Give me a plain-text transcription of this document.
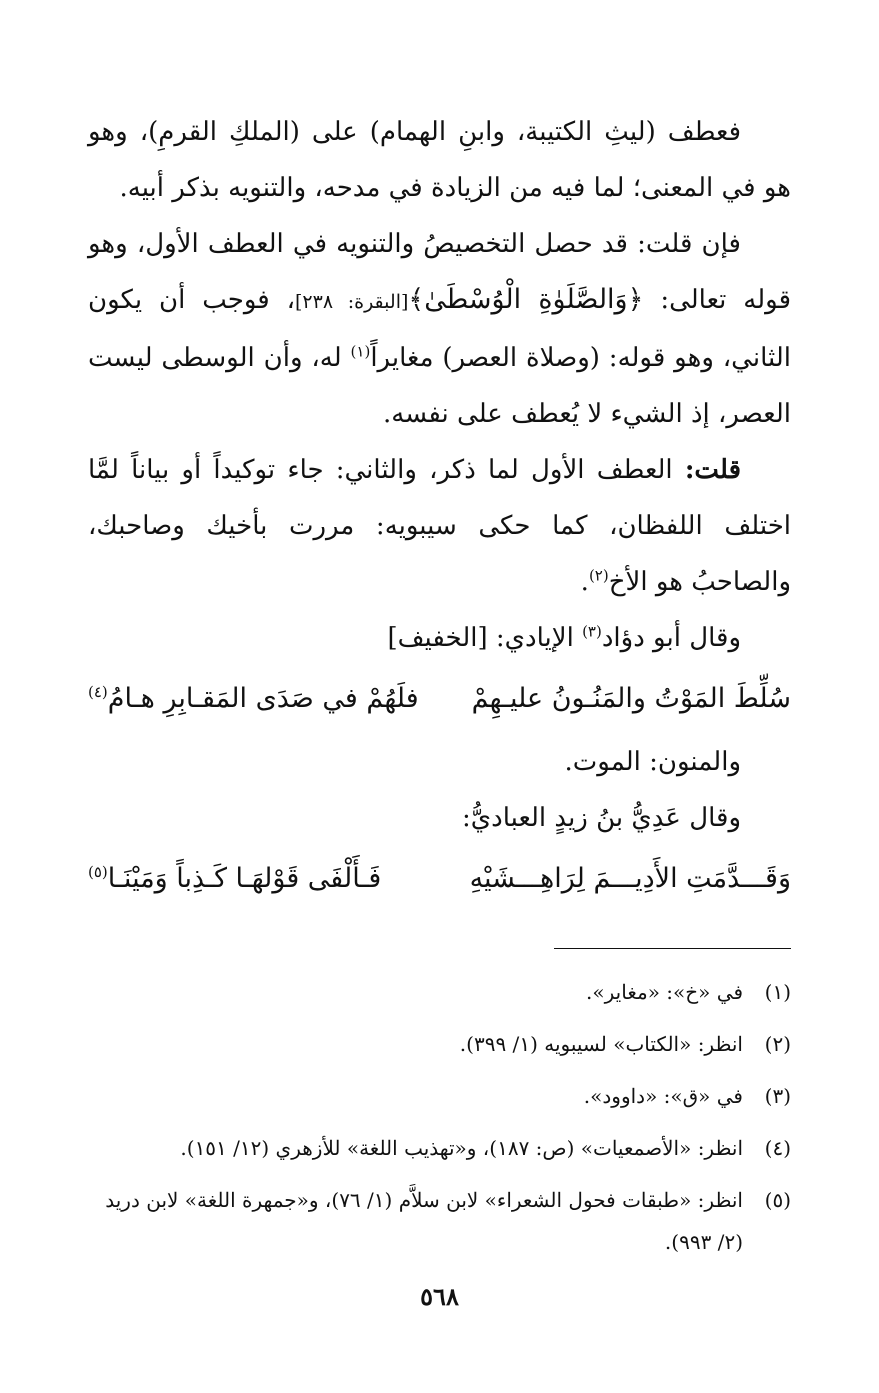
فعطف (ليثِ الكتيبة، وابنِ الهمام) على (الملكِ القرمِ)، وهو هو في المعنى؛ لما فيه من الزيادة في مدحه، والتنويه بذكر أبيه.

فإن قلت: قد حصل التخصيصُ والتنويه في العطف الأول، وهو قوله تعالى: ﴿وَالصَّلَوٰةِ الْوُسْطَىٰ﴾[البقرة: ٢٣٨]، فوجب أن يكون الثاني، وهو قوله: (وصلاة العصر) مغايراً$^{(١)}$ له، وأن الوسطى ليست العصر، إذ الشيء لا يُعطف على نفسه.

قلت: العطف الأول لما ذكر، والثاني: جاء توكيداً أو بياناً لمَّا اختلف اللفظان، كما حكى سيبويه: مررت بأخيك وصاحبك، والصاحبُ هو الأخ$^{(٢)}$.

وقال أبو دؤاد$^{(٣)}$ الإيادي: [الخفيف]

سُلِّطَ المَوْتُ والمَنُـونُ عليـهِمْ
فلَهُمْ في صَدَى المَقـابِرِ هـامُ$^{(٤)}$

والمنون: الموت.

وقال عَدِيُّ بنُ زيدٍ العباديُّ:

وَقَـــدَّمَتِ الأَدِيـــمَ لِرَاهِـــشَيْهِ
فَـأَلْفَى قَوْلهَـا كَـذِباً وَمَيْنَـا$^{(٥)}$
(١)
في «خ»: «مغاير».
(٢)
انظر: «الكتاب» لسيبويه (١/ ٣٩٩).
(٣)
في «ق»: «داوود».
(٤)
انظر: «الأصمعيات» (ص: ١٨٧)، و«تهذيب اللغة» للأزهري (١٢/ ١٥١).
(٥)
انظر: «طبقات فحول الشعراء» لابن سلاَّم (١/ ٧٦)، و«جمهرة اللغة» لابن دريد (٢/ ٩٩٣).
٥٦٨
